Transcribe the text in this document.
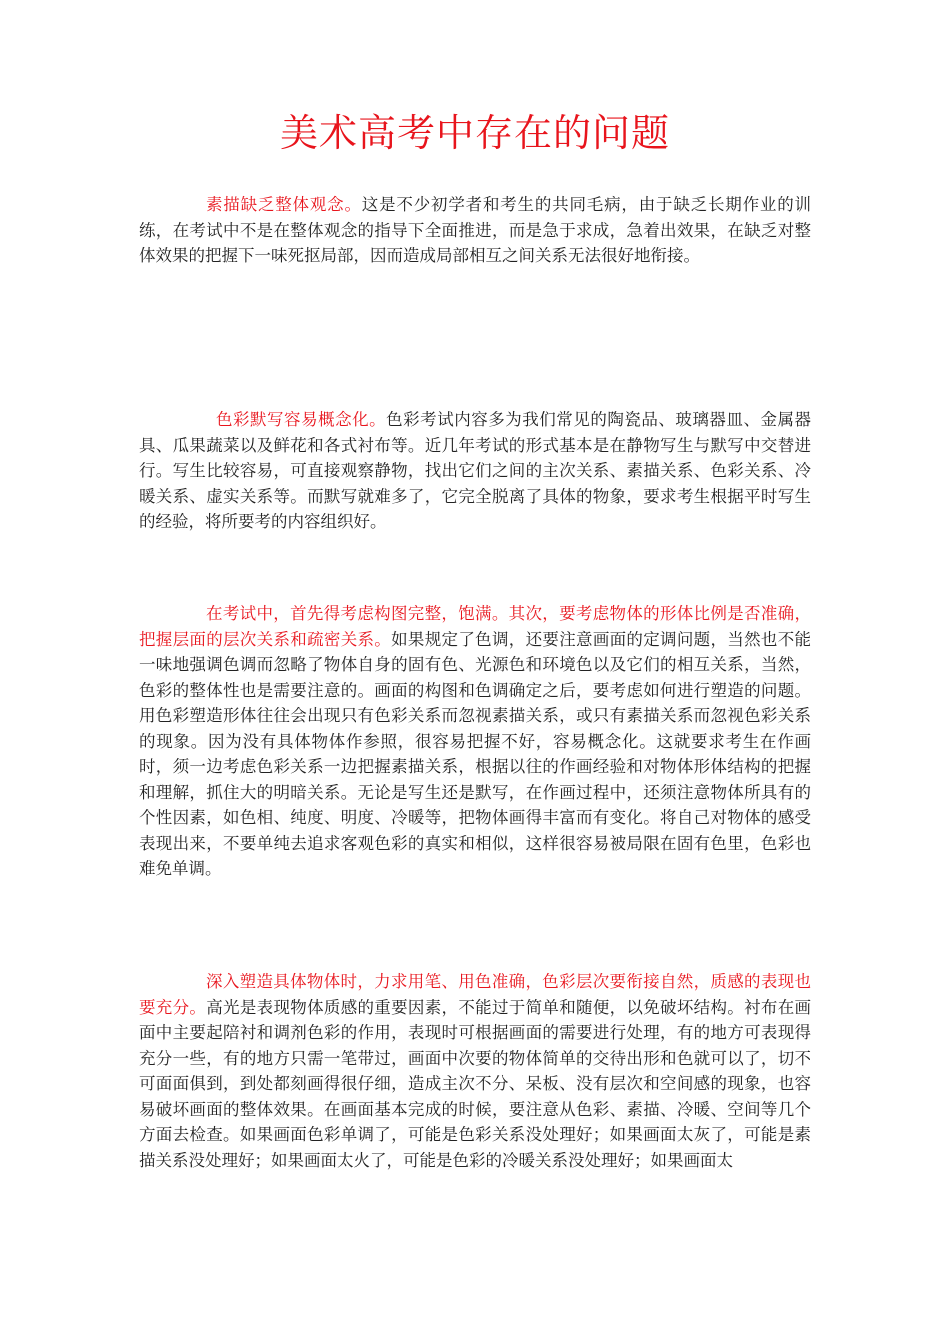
美术高考中存在的问题

素描缺乏整体观念。这是不少初学者和考生的共同毛病，由于缺乏长期作业的训练，在考试中不是在整体观念的指导下全面推进，而是急于求成，急着出效果，在缺乏对整体效果的把握下一味死抠局部，因而造成局部相互之间关系无法很好地衔接。

色彩默写容易概念化。色彩考试内容多为我们常见的陶瓷品、玻璃器皿、金属器具、瓜果蔬菜以及鲜花和各式衬布等。近几年考试的形式基本是在静物写生与默写中交替进行。写生比较容易，可直接观察静物，找出它们之间的主次关系、素描关系、色彩关系、冷暖关系、虚实关系等。而默写就难多了，它完全脱离了具体的物象，要求考生根据平时写生的经验，将所要考的内容组织好。

在考试中，首先得考虑构图完整，饱满。其次，要考虑物体的形体比例是否准确，把握层面的层次关系和疏密关系。如果规定了色调，还要注意画面的定调问题，当然也不能一味地强调色调而忽略了物体自身的固有色、光源色和环境色以及它们的相互关系，当然，色彩的整体性也是需要注意的。画面的构图和色调确定之后，要考虑如何进行塑造的问题。用色彩塑造形体往往会出现只有色彩关系而忽视素描关系，或只有素描关系而忽视色彩关系的现象。因为没有具体物体作参照，很容易把握不好，容易概念化。这就要求考生在作画时，须一边考虑色彩关系一边把握素描关系，根据以往的作画经验和对物体形体结构的把握和理解，抓住大的明暗关系。无论是写生还是默写，在作画过程中，还须注意物体所具有的个性因素，如色相、纯度、明度、冷暖等，把物体画得丰富而有变化。将自己对物体的感受表现出来，不要单纯去追求客观色彩的真实和相似，这样很容易被局限在固有色里，色彩也难免单调。

深入塑造具体物体时，力求用笔、用色准确，色彩层次要衔接自然，质感的表现也要充分。高光是表现物体质感的重要因素，不能过于简单和随便，以免破坏结构。衬布在画面中主要起陪衬和调剂色彩的作用，表现时可根据画面的需要进行处理，有的地方可表现得充分一些，有的地方只需一笔带过，画面中次要的物体简单的交待出形和色就可以了，切不可面面俱到，到处都刻画得很仔细，造成主次不分、呆板、没有层次和空间感的现象，也容易破坏画面的整体效果。在画面基本完成的时候，要注意从色彩、素描、冷暖、空间等几个方面去检查。如果画面色彩单调了，可能是色彩关系没处理好；如果画面太灰了，可能是素描关系没处理好；如果画面太火了，可能是色彩的冷暖关系没处理好；如果画面太
